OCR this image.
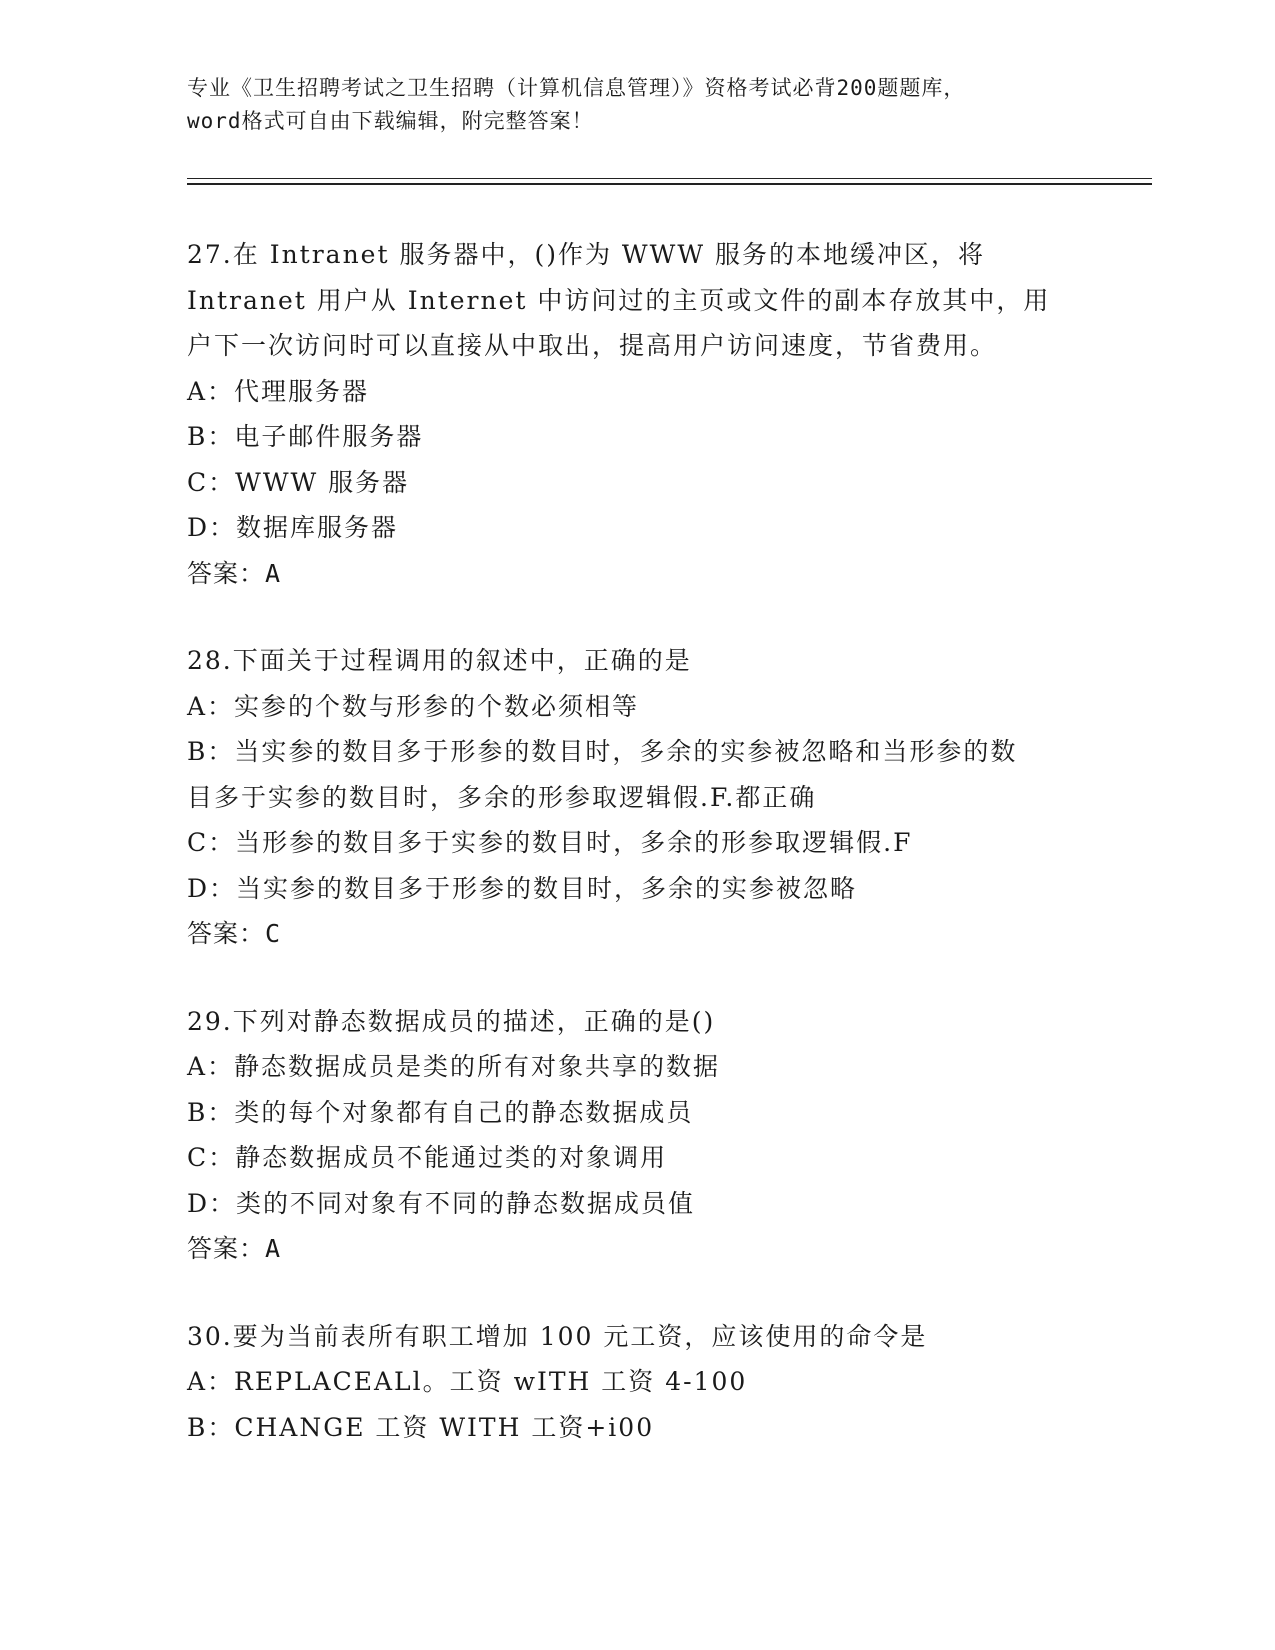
专业《卫生招聘考试之卫生招聘（计算机信息管理）》资格考试必背200题题库，
word格式可自由下载编辑，附完整答案！
27.在 Intranet 服务器中，()作为 WWW 服务的本地缓冲区，将
Intranet 用户从 Internet 中访问过的主页或文件的副本存放其中，用
户下一次访问时可以直接从中取出，提高用户访问速度，节省费用。
A：代理服务器
B：电子邮件服务器
C：WWW 服务器
D：数据库服务器
答案：A
28.下面关于过程调用的叙述中，正确的是
A：实参的个数与形参的个数必须相等
B：当实参的数目多于形参的数目时，多余的实参被忽略和当形参的数
目多于实参的数目时，多余的形参取逻辑假.F.都正确
C：当形参的数目多于实参的数目时，多余的形参取逻辑假.F
D：当实参的数目多于形参的数目时，多余的实参被忽略
答案：C
29.下列对静态数据成员的描述，正确的是()
A：静态数据成员是类的所有对象共享的数据
B：类的每个对象都有自己的静态数据成员
C：静态数据成员不能通过类的对象调用
D：类的不同对象有不同的静态数据成员值
答案：A
30.要为当前表所有职工增加 100 元工资，应该使用的命令是
A：REPLACEALl。工资 wITH 工资 4-100
B：CHANGE 工资 WITH 工资+i00
